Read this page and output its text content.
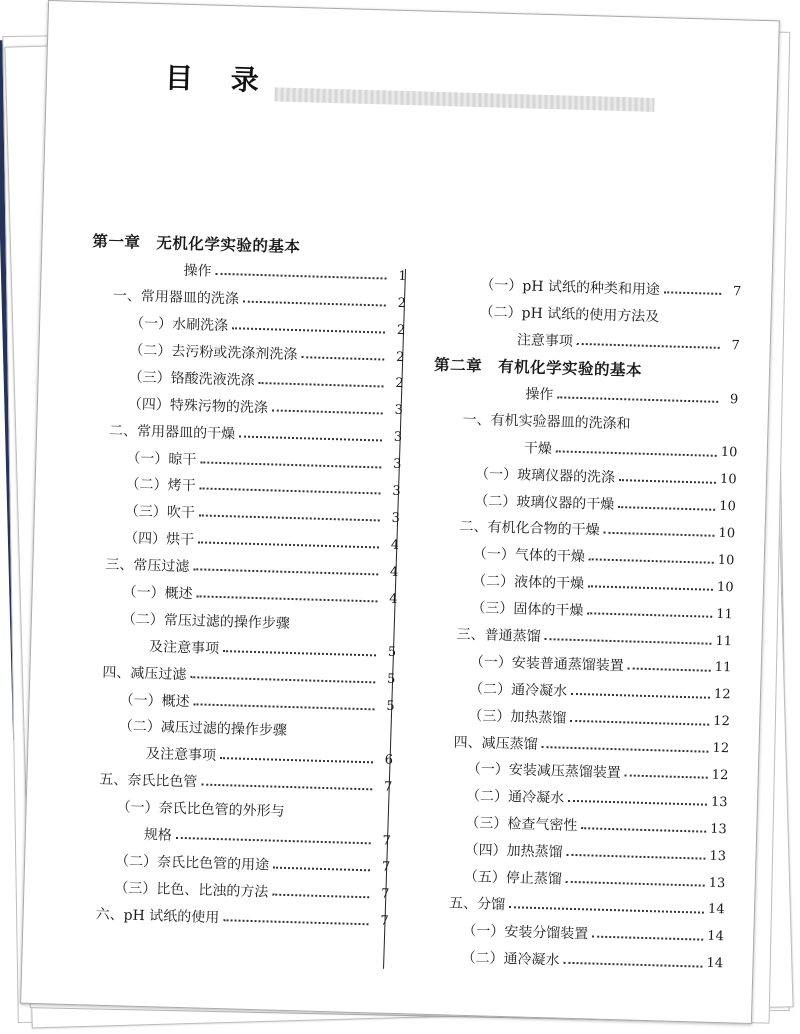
目 录
第一章　无机化学实验的基本
操作	1
一、常用器皿的洗涤	2
（一）水刷洗涤	2
（二）去污粉或洗涤剂洗涤	2
（三）铬酸洗液洗涤	2
（四）特殊污物的洗涤	3
二、常用器皿的干燥	3
（一）晾干	3
（二）烤干	3
（三）吹干	3
（四）烘干	4
三、常压过滤	4
（一）概述	4
（二）常压过滤的操作步骤
及注意事项	5
四、减压过滤	5
（一）概述	5
（二）减压过滤的操作步骤
及注意事项	6
五、奈氏比色管	7
（一）奈氏比色管的外形与
规格	7
（二）奈氏比色管的用途	7
（三）比色、比浊的方法	7
六、pH 试纸的使用	7
（一）pH 试纸的种类和用途	7
（二）pH 试纸的使用方法及
注意事项	7
第二章　有机化学实验的基本
操作	9
一、有机实验器皿的洗涤和
干燥	10
（一）玻璃仪器的洗涤	10
（二）玻璃仪器的干燥	10
二、有机化合物的干燥	10
（一）气体的干燥	10
（二）液体的干燥	10
（三）固体的干燥	11
三、普通蒸馏	11
（一）安装普通蒸馏装置	11
（二）通冷凝水	12
（三）加热蒸馏	12
四、减压蒸馏	12
（一）安装减压蒸馏装置	12
（二）通冷凝水	13
（三）检查气密性	13
（四）加热蒸馏	13
（五）停止蒸馏	13
五、分馏	14
（一）安装分馏装置	14
（二）通冷凝水	14
